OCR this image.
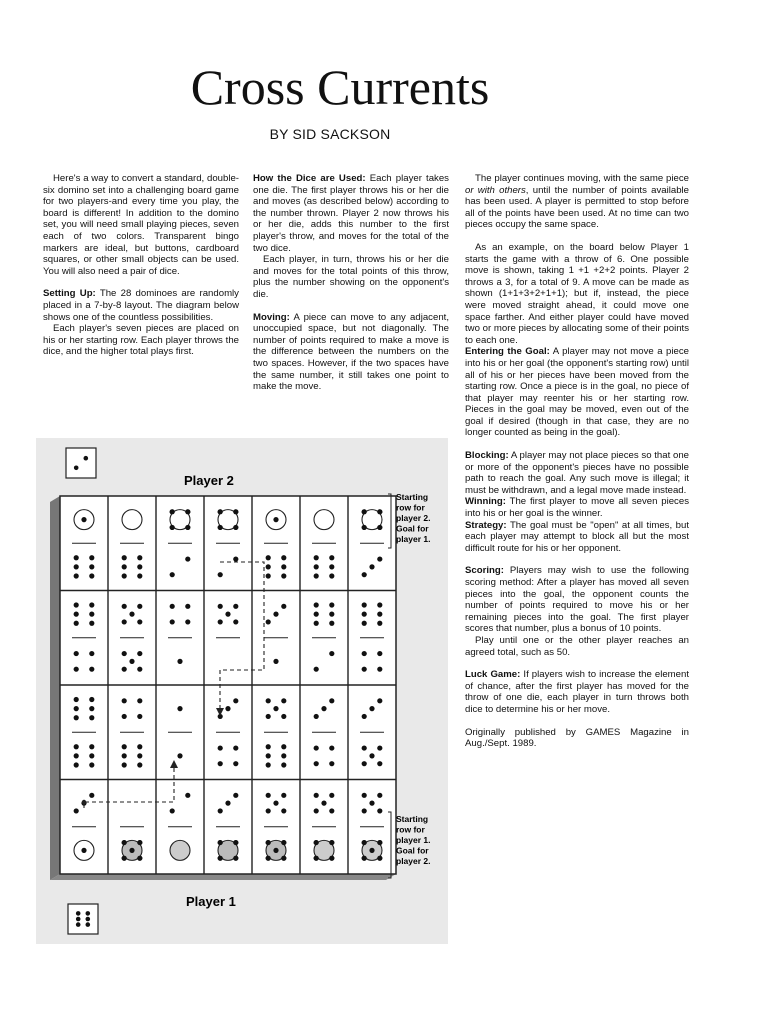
Cross Currents
BY SID SACKSON

Here's a way to convert a standard, double-six domino set into a challenging board game for two players-and every time you play, the board is different! In addition to the domino set, you will need small playing pieces, seven each of two colors. Transparent bingo markers are ideal, but buttons, cardboard squares, or other small objects can be used. You will also need a pair of dice.

Setting Up: The 28 dominoes are randomly placed in a 7-by-8 layout. The diagram below shows one of the countless possibilities.

Each player's seven pieces are placed on his or her starting row. Each player throws the dice, and the higher total plays first.

How the Dice are Used: Each player takes one die. The first player throws his or her die and moves (as described below) according to the number thrown. Player 2 now throws his or her die, adds this number to the first player's throw, and moves for the total of the two dice.

Each player, in turn, throws his or her die and moves for the total points of this throw, plus the number showing on the opponent's die.

Moving: A piece can move to any adjacent, unoccupied space, but not diagonally. The number of points required to make a move is the difference between the numbers on the two spaces. However, if the two spaces have the same number, it still takes one point to make the move.

The player continues moving, with the same piece or with others, until the number of points available has been used. A player is permitted to stop before all of the points have been used. At no time can two pieces occupy the same space.

As an example, on the board below Player 1 starts the game with a throw of 6. One possible move is shown, taking 1 +1 +2+2 points. Player 2 throws a 3, for a total of 9. A move can be made as shown (1+1+3+2+1+1); but if, instead, the piece were moved straight ahead, it could move one space farther. And either player could have moved two or more pieces by allocating some of their points to each one.

Entering the Goal: A player may not move a piece into his or her goal (the opponent's starting row) until all of his or her pieces have been moved from the starting row. Once a piece is in the goal, no piece of that player may reenter his or her starting row. Pieces in the goal may be moved, even out of the goal if desired (though in that case, they are no longer counted as being in the goal).

Blocking: A player may not place pieces so that one or more of the opponent's pieces have no possible path to reach the goal. Any such move is illegal; it must be withdrawn, and a legal move made instead.

Winning: The first player to move all seven pieces into his or her goal is the winner.

Strategy: The goal must be "open" at all times, but each player may attempt to block all but the most difficult route for his or her opponent.

Scoring: Players may wish to use the following scoring method: After a player has moved all seven pieces into the goal, the opponent counts the number of points required to move his or her remaining pieces into the goal. The first player scores that number, plus a bonus of 10 points.

Play until one or the other player reaches an agreed total, such as 50.

Luck Game: If players wish to increase the element of chance, after the first player has moved for the throw of one die, each player in turn throws both dice to determine his or her move.

Originally published by GAMES Magazine in Aug./Sept. 1989.

Player 2
Starting row for player 2. Goal for player 1.
Starting row for player 1. Goal for player 2.
Player 1
